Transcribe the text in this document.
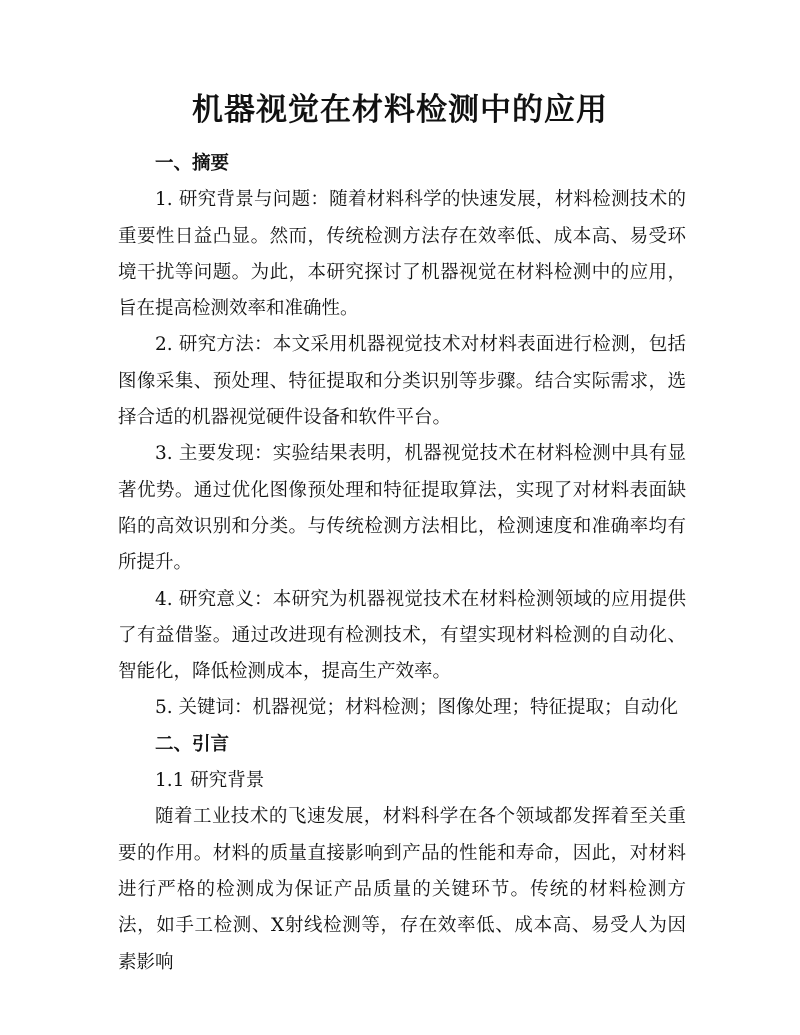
机器视觉在材料检测中的应用

一、摘要

1. 研究背景与问题：随着材料科学的快速发展，材料检测技术的重要性日益凸显。然而，传统检测方法存在效率低、成本高、易受环境干扰等问题。为此，本研究探讨了机器视觉在材料检测中的应用，旨在提高检测效率和准确性。

2. 研究方法：本文采用机器视觉技术对材料表面进行检测，包括图像采集、预处理、特征提取和分类识别等步骤。结合实际需求，选择合适的机器视觉硬件设备和软件平台。

3. 主要发现：实验结果表明，机器视觉技术在材料检测中具有显著优势。通过优化图像预处理和特征提取算法，实现了对材料表面缺陷的高效识别和分类。与传统检测方法相比，检测速度和准确率均有所提升。

4. 研究意义：本研究为机器视觉技术在材料检测领域的应用提供了有益借鉴。通过改进现有检测技术，有望实现材料检测的自动化、智能化，降低检测成本，提高生产效率。

5. 关键词：机器视觉；材料检测；图像处理；特征提取；自动化

二、引言

1.1 研究背景

随着工业技术的飞速发展，材料科学在各个领域都发挥着至关重要的作用。材料的质量直接影响到产品的性能和寿命，因此，对材料进行严格的检测成为保证产品质量的关键环节。传统的材料检测方法，如手工检测、X射线检测等，存在效率低、成本高、易受人为因素影响
